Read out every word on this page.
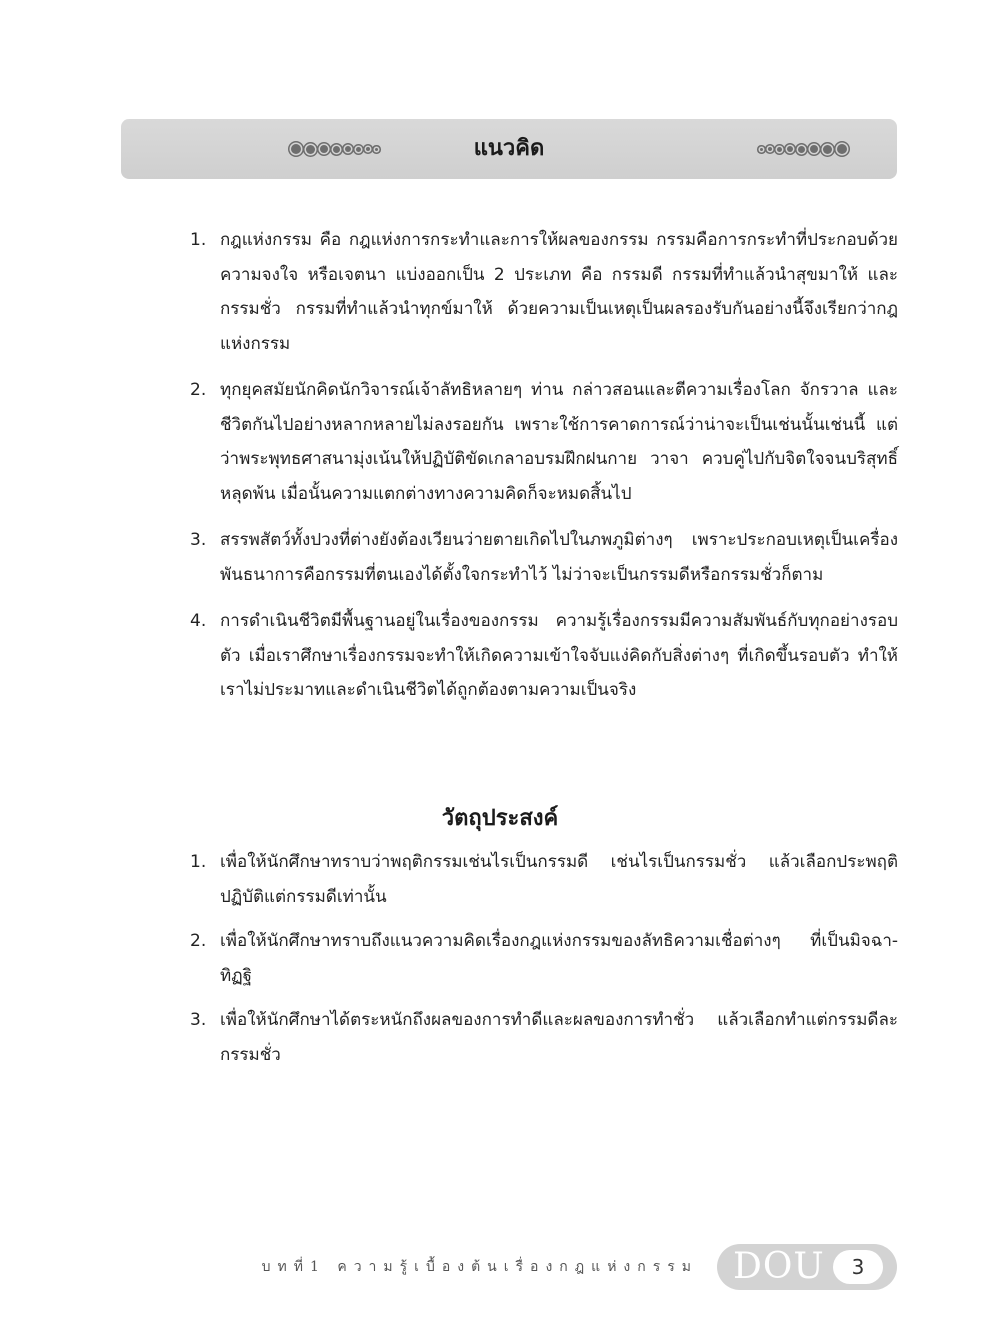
แนวคิด
1. กฎแห่งกรรม คือ กฎแห่งการกระทำและการให้ผลของกรรม กรรมคือการกระทำที่ประกอบด้วยความจงใจ หรือเจตนา แบ่งออกเป็น 2 ประเภท คือ กรรมดี กรรมที่ทำแล้วนำสุขมาให้ และกรรมชั่ว กรรมที่ทำแล้วนำทุกข์มาให้ ด้วยความเป็นเหตุเป็นผลรองรับกันอย่างนี้จึงเรียกว่ากฎแห่งกรรม
2. ทุกยุคสมัยนักคิดนักวิจารณ์เจ้าลัทธิหลายๆ ท่าน กล่าวสอนและตีความเรื่องโลก จักรวาล และชีวิตกันไปอย่างหลากหลายไม่ลงรอยกัน เพราะใช้การคาดการณ์ว่าน่าจะเป็นเช่นนั้นเช่นนี้ แต่ว่าพระพุทธศาสนามุ่งเน้นให้ปฏิบัติขัดเกลาอบรมฝึกฝนกาย วาจา ควบคู่ไปกับจิตใจจนบริสุทธิ์หลุดพ้น เมื่อนั้นความแตกต่างทางความคิดก็จะหมดสิ้นไป
3. สรรพสัตว์ทั้งปวงที่ต่างยังต้องเวียนว่ายตายเกิดไปในภพภูมิต่างๆ เพราะประกอบเหตุเป็นเครื่องพันธนาการคือกรรมที่ตนเองได้ตั้งใจกระทำไว้ ไม่ว่าจะเป็นกรรมดีหรือกรรมชั่วก็ตาม
4. การดำเนินชีวิตมีพื้นฐานอยู่ในเรื่องของกรรม ความรู้เรื่องกรรมมีความสัมพันธ์กับทุกอย่างรอบตัว เมื่อเราศึกษาเรื่องกรรมจะทำให้เกิดความเข้าใจจับแง่คิดกับสิ่งต่างๆ ที่เกิดขึ้นรอบตัว ทำให้เราไม่ประมาทและดำเนินชีวิตได้ถูกต้องตามความเป็นจริง
วัตถุประสงค์
1. เพื่อให้นักศึกษาทราบว่าพฤติกรรมเช่นไรเป็นกรรมดี เช่นไรเป็นกรรมชั่ว แล้วเลือกประพฤติปฏิบัติแต่กรรมดีเท่านั้น
2. เพื่อให้นักศึกษาทราบถึงแนวความคิดเรื่องกฎแห่งกรรมของลัทธิความเชื่อต่างๆ ที่เป็นมิจฉา-ทิฏฐิ
3. เพื่อให้นักศึกษาได้ตระหนักถึงผลของการทำดีและผลของการทำชั่ว แล้วเลือกทำแต่กรรมดีละกรรมชั่ว
บทที่1 ความรู้เบื้องต้นเรื่องกฎแห่งกรรม DOU	3
